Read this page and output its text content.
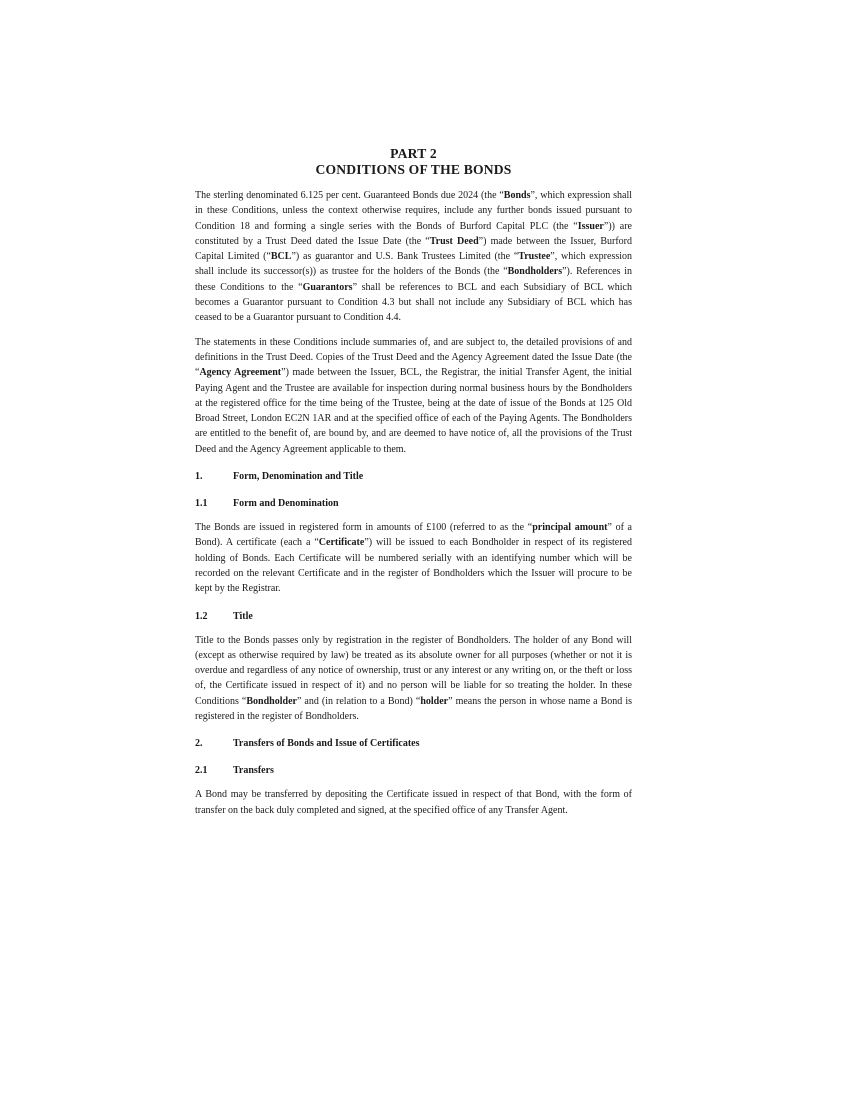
PART 2

CONDITIONS OF THE BONDS

The sterling denominated 6.125 per cent. Guaranteed Bonds due 2024 (the “Bonds”, which expression shall in these Conditions, unless the context otherwise requires, include any further bonds issued pursuant to Condition 18 and forming a single series with the Bonds of Burford Capital PLC (the “Issuer”)) are constituted by a Trust Deed dated the Issue Date (the “Trust Deed”) made between the Issuer, Burford Capital Limited (“BCL”) as guarantor and U.S. Bank Trustees Limited (the “Trustee”, which expression shall include its successor(s)) as trustee for the holders of the Bonds (the “Bondholders”). References in these Conditions to the “Guarantors” shall be references to BCL and each Subsidiary of BCL which becomes a Guarantor pursuant to Condition 4.3 but shall not include any Subsidiary of BCL which has ceased to be a Guarantor pursuant to Condition 4.4.

The statements in these Conditions include summaries of, and are subject to, the detailed provisions of and definitions in the Trust Deed. Copies of the Trust Deed and the Agency Agreement dated the Issue Date (the “Agency Agreement”) made between the Issuer, BCL, the Registrar, the initial Transfer Agent, the initial Paying Agent and the Trustee are available for inspection during normal business hours by the Bondholders at the registered office for the time being of the Trustee, being at the date of issue of the Bonds at 125 Old Broad Street, London EC2N 1AR and at the specified office of each of the Paying Agents. The Bondholders are entitled to the benefit of, are bound by, and are deemed to have notice of, all the provisions of the Trust Deed and the Agency Agreement applicable to them.

1.	Form, Denomination and Title
1.1	Form and Denomination

The Bonds are issued in registered form in amounts of £100 (referred to as the “principal amount” of a Bond). A certificate (each a “Certificate”) will be issued to each Bondholder in respect of its registered holding of Bonds. Each Certificate will be numbered serially with an identifying number which will be recorded on the relevant Certificate and in the register of Bondholders which the Issuer will procure to be kept by the Registrar.

1.2	Title

Title to the Bonds passes only by registration in the register of Bondholders. The holder of any Bond will (except as otherwise required by law) be treated as its absolute owner for all purposes (whether or not it is overdue and regardless of any notice of ownership, trust or any interest or any writing on, or the theft or loss of, the Certificate issued in respect of it) and no person will be liable for so treating the holder. In these Conditions “Bondholder” and (in relation to a Bond) “holder” means the person in whose name a Bond is registered in the register of Bondholders.

2.	Transfers of Bonds and Issue of Certificates
2.1	Transfers

A Bond may be transferred by depositing the Certificate issued in respect of that Bond, with the form of transfer on the back duly completed and signed, at the specified office of any Transfer Agent.
